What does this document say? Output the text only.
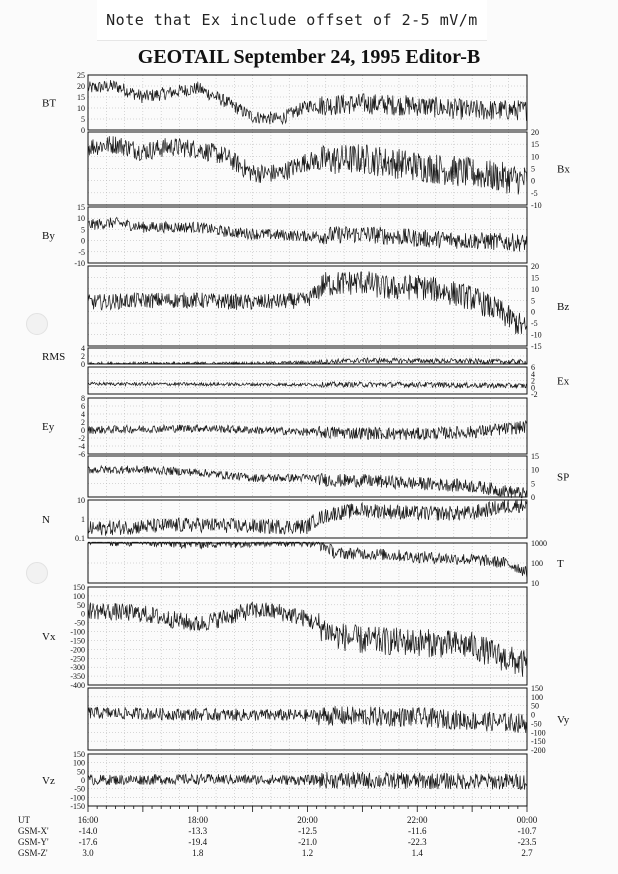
Note that Ex include offset of 2-5 mV/m
GEOTAIL September 24, 1995 Editor-B
25
20
15
10
5
0
BT
20
15
10
5
0
-5
-10
Bx
15
10
5
0
-5
-10
By
20
15
10
5
0
-5
-10
-15
Bz
4
2
0
RMS
6
4
2
0
-2
Ex
8
6
4
2
0
-2
-4
-6
Ey
15
10
5
0
SP
10
1
0.1
N
1000
100
10
T
150
100
50
0
-50
-100
-150
-200
-250
-300
-350
-400
Vx
150
100
50
0
-50
-100
-150
-200
Vy
150
100
50
0
-50
-100
-150
Vz
UT	16:00	18:00	20:00	22:00	00:00
GSM-X'	-14.0	-13.3	-12.5	-11.6	-10.7
GSM-Y'	-17.6	-19.4	-21.0	-22.3	-23.5
GSM-Z'	3.0	1.8	1.2	1.4	2.7
